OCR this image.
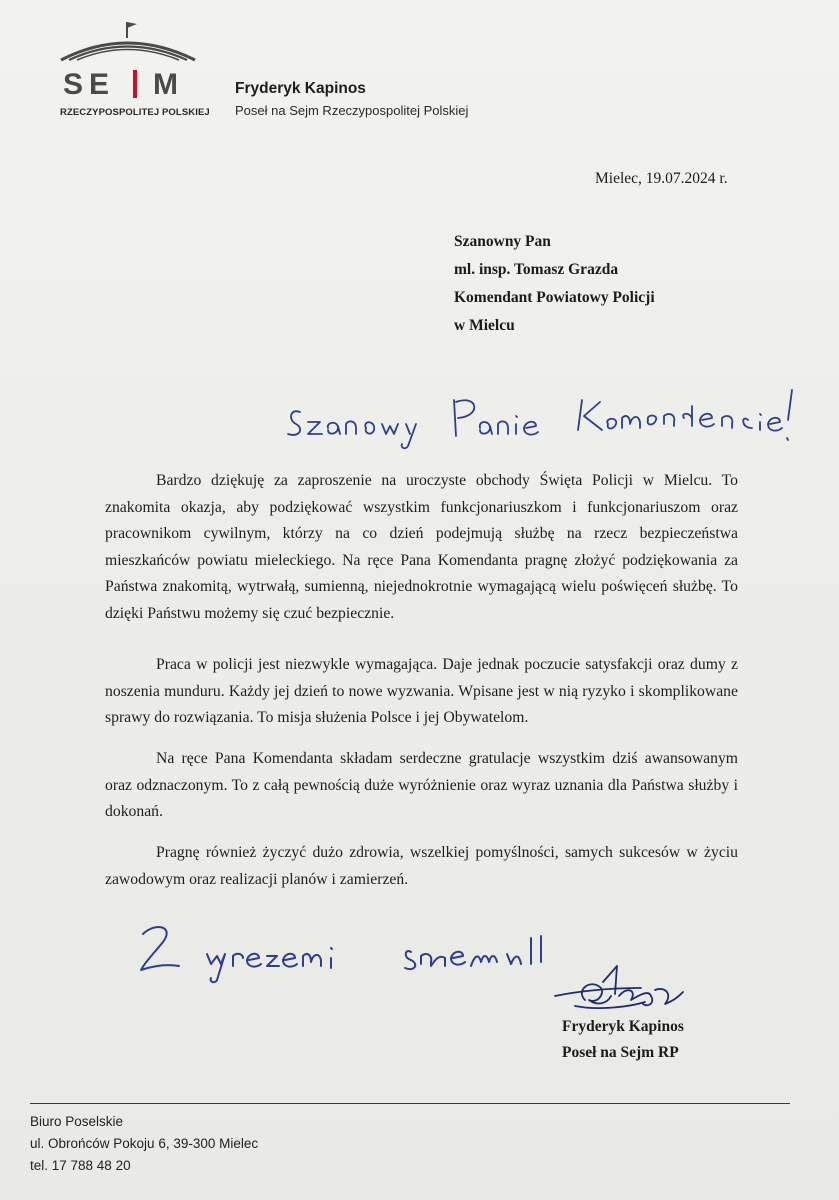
SE M
RZECZYPOSPOLITEJ POLSKIEJ
Fryderyk Kapinos
Poseł na Sejm Rzeczypospolitej Polskiej
Mielec, 19.07.2024 r.
Szanowny Pan
ml. insp. Tomasz Grazda
Komendant Powiatowy Policji
w Mielcu

Bardzo dziękuję za zaproszenie na uroczyste obchody Święta Policji w Mielcu. To znakomita okazja, aby podziękować wszystkim funkcjonariuszkom i funkcjonariuszom oraz pracownikom cywilnym, którzy na co dzień podejmują służbę na rzecz bezpieczeństwa mieszkańców powiatu mieleckiego. Na ręce Pana Komendanta pragnę złożyć podziękowania za Państwa znakomitą, wytrwałą, sumienną, niejednokrotnie wymagającą wielu poświęceń służbę. To dzięki Państwu możemy się czuć bezpiecznie.

Praca w policji jest niezwykle wymagająca. Daje jednak poczucie satysfakcji oraz dumy z noszenia munduru. Każdy jej dzień to nowe wyzwania. Wpisane jest w nią ryzyko i skomplikowane sprawy do rozwiązania. To misja służenia Polsce i jej Obywatelom.

Na ręce Pana Komendanta składam serdeczne gratulacje wszystkim dziś awansowanym oraz odznaczonym. To z całą pewnością duże wyróżnienie oraz wyraz uznania dla Państwa służby i dokonań.

Pragnę również życzyć dużo zdrowia, wszelkiej pomyślności, samych sukcesów w życiu zawodowym oraz realizacji planów i zamierzeń.

Fryderyk Kapinos
Poseł na Sejm RP
Biuro Poselskie
ul. Obrońców Pokoju 6, 39-300 Mielec
tel. 17 788 48 20
